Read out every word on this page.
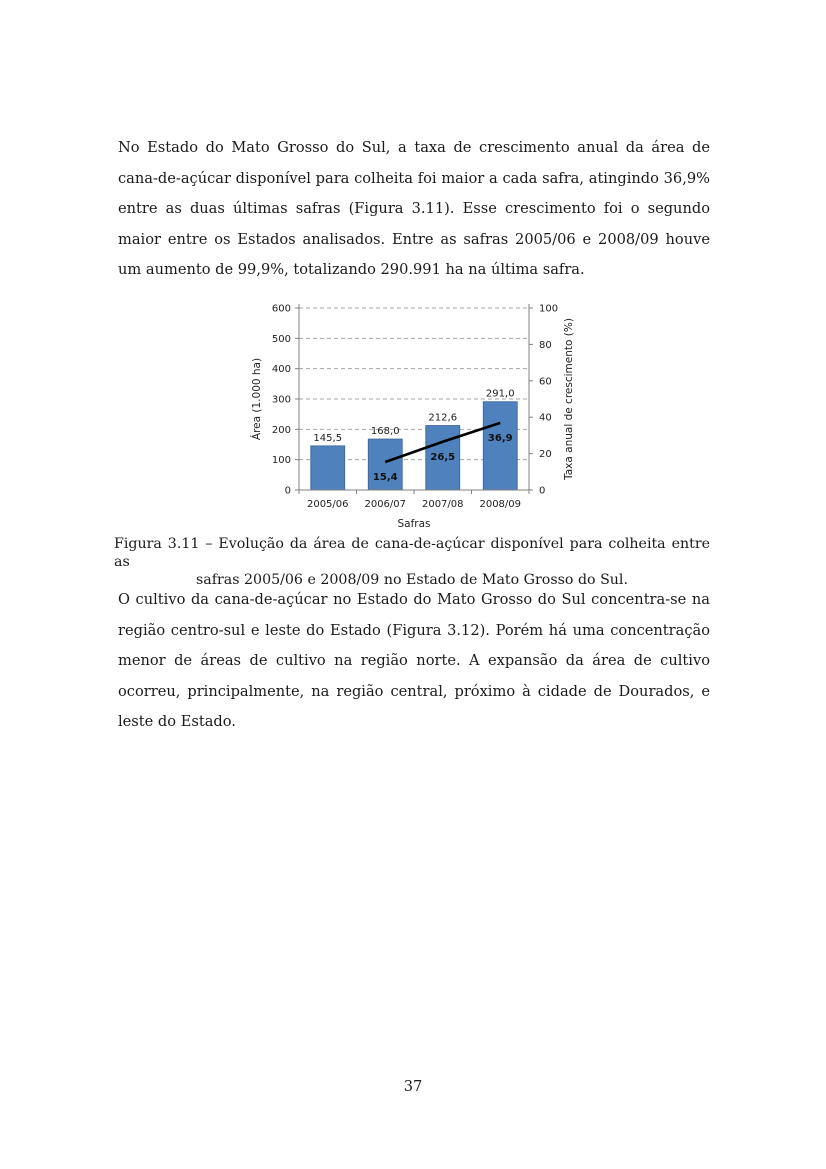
No Estado do Mato Grosso do Sul, a taxa de crescimento anual da área de cana-de-açúcar disponível para colheita foi maior a cada safra, atingindo 36,9% entre as duas últimas safras (Figura 3.11). Esse crescimento foi o segundo maior entre os Estados analisados. Entre as safras 2005/06 e 2008/09 houve um aumento de 99,9%, totalizando 290.991 ha na última safra.

0
100
200
300
400
500
600
0
20
40
60
80
100
145,5
168,0
212,6
291,0
2005/06 2006/07 2007/08 2008/09
15,4
26,5
36,9
Safras
Área (1.000 ha)	Taxa anual de crescimento (%)

Figura 3.11 – Evolução da área de cana-de-açúcar disponível para colheita entre as
safras 2005/06 e 2008/09 no Estado de Mato Grosso do Sul.

O cultivo da cana-de-açúcar no Estado do Mato Grosso do Sul concentra-se na região centro-sul e leste do Estado (Figura 3.12). Porém há uma concentração menor de áreas de cultivo na região norte. A expansão da área de cultivo ocorreu, principalmente, na região central, próximo à cidade de Dourados, e leste do Estado.

37
